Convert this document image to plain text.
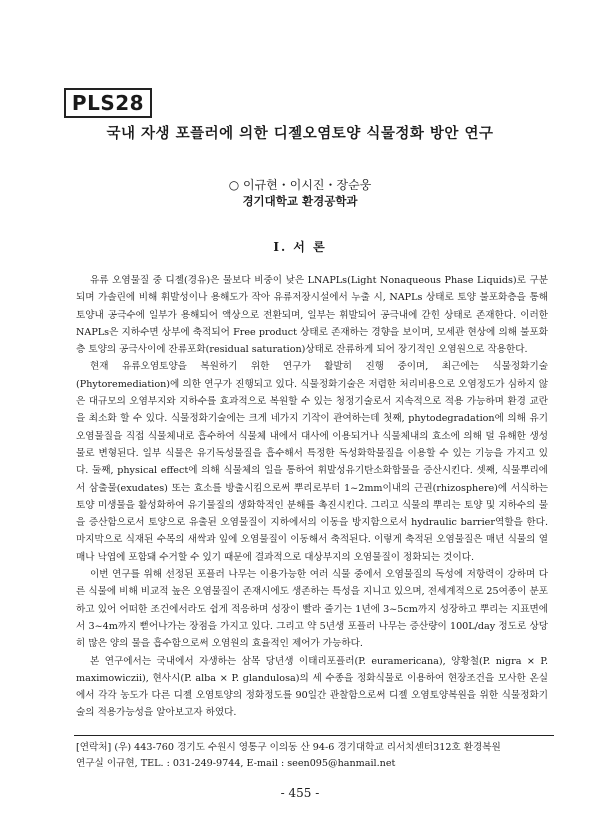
PLS28
국내 자생 포플러에 의한 디젤오염토양 식물정화 방안 연구
○ 이규현・이시진・장순웅
경기대학교 환경공학과
Ⅰ. 서 론

유류 오염물질 중 디젤(경유)은 물보다 비중이 낮은 LNAPLs(Light Nonaqueous Phase Liquids)로 구분되며 가솔린에 비해 휘발성이나 용해도가 작아 유류저장시설에서 누출 시, NAPLs 상태로 토양 불포화층을 통해 토양내 공극수에 일부가 용해되어 액상으로 전환되며, 일부는 휘발되어 공극내에 갇힌 상태로 존재한다. 이러한 NAPLs은 지하수면 상부에 축적되어 Free product 상태로 존재하는 경향을 보이며, 모세관 현상에 의해 불포화층 토양의 공극사이에 잔류포화(residual saturation)상태로 잔류하게 되어 장기적인 오염원으로 작용한다.

현재 유류오염토양을 복원하기 위한 연구가 활발히 진행 중이며, 최근에는 식물정화기술(Phytoremediation)에 의한 연구가 진행되고 있다. 식물정화기술은 저렴한 처리비용으로 오염정도가 심하지 않은 대규모의 오염부지와 지하수를 효과적으로 복원할 수 있는 청정기술로서 지속적으로 적용 가능하며 환경 교란을 최소화 할 수 있다. 식물정화기술에는 크게 네가지 기작이 관여하는데 첫째, phytodegradation에 의해 유기오염물질을 직접 식물체내로 흡수하여 식물체 내에서 대사에 이용되거나 식물체내의 효소에 의해 덜 유해한 생성물로 변형된다. 일부 식물은 유기독성물질을 흡수해서 특정한 독성화학물질을 이용할 수 있는 기능을 가지고 있다. 둘째, physical effect에 의해 식물체의 일을 통하여 휘발성유기탄소화합물을 증산시킨다. 셋째, 식물뿌리에서 삼출물(exudates) 또는 효소를 방출시킴으로써 뿌리로부터 1~2mm이내의 근권(rhizosphere)에 서식하는 토양 미생물을 활성화하여 유기물질의 생화학적인 분해를 촉진시킨다. 그리고 식물의 뿌리는 토양 및 지하수의 물을 증산함으로서 토양으로 유출된 오염물질이 지하에서의 이동을 방지함으로서 hydraulic barrier역할을 한다. 마지막으로 식재된 수목의 새싹과 잎에 오염물질이 이동해서 축적된다. 이렇게 축적된 오염물질은 매년 식물의 열매나 낙엽에 포함돼 수거할 수 있기 때문에 결과적으로 대상부지의 오염물질이 정화되는 것이다.

이번 연구를 위해 선정된 포플러 나무는 이용가능한 여러 식물 중에서 오염물질의 독성에 저항력이 강하며 다른 식물에 비해 비교적 높은 오염물질이 존재시에도 생존하는 특성을 지니고 있으며, 전세계적으로 25여종이 분포하고 있어 어떠한 조건에서라도 쉽게 적응하며 성장이 빨라 줄기는 1년에 3~5cm까지 성장하고 뿌리는 지표면에서 3~4m까지 뻗어나가는 장점을 가지고 있다. 그리고 약 5년생 포플러 나무는 증산량이 100L/day 정도로 상당히 많은 양의 물을 흡수함으로써 오염원의 효율적인 제어가 가능하다.

본 연구에서는 국내에서 자생하는 삼목 당년생 이태리포플러(P. euramericana), 양황철(P. nigra × P. maximowiczii), 현사시(P. alba × P. glandulosa)의 세 수종을 정화식물로 이용하여 현장조건을 모사한 온실에서 각각 농도가 다른 디젤 오염토양의 정화정도를 90일간 관찰함으로써 디젤 오염토양복원을 위한 식물정화기술의 적용가능성을 알아보고자 하였다.

[연락처] (우) 443-760 경기도 수원시 영통구 이의동 산 94-6 경기대학교 리서치센터312호 환경복원
연구실 이규현, TEL. : 031-249-9744, E-mail : seen095@hanmail.net
- 455 -
